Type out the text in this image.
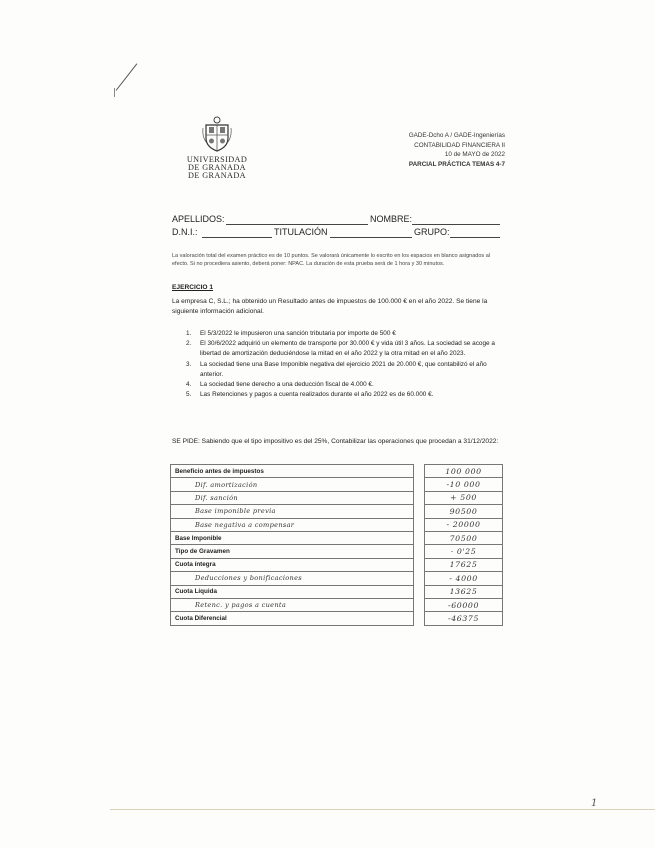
UNIVERSIDAD
DE GRANADA
DE GRANADA
GADE-Dcho A / GADE-Ingenierías
CONTABILIDAD FINANCIERA II
10 de MAYO de 2022
PARCIAL PRÁCTICA TEMAS 4-7
APELLIDOS:	NOMBRE:
D.N.I.:	TITULACIÓN	GRUPO:
La valoración total del examen práctico es de 10 puntos. Se valorará únicamente lo escrito en los espacios en blanco asignados al efecto. Si no procediera asiento, deberá poner: NPAC. La duración de esta prueba será de 1 hora y 30 minutos.
EJERCICIO 1
La empresa C, S.L.; ha obtenido un Resultado antes de impuestos de 100.000 € en el año 2022. Se tiene la siguiente información adicional.
1. El 5/3/2022 le impusieron una sanción tributaria por importe de 500 €
2. El 30/6/2022 adquirió un elemento de transporte por 30.000 € y vida útil 3 años. La sociedad se acoge a libertad de amortización deduciéndose la mitad en el año 2022 y la otra mitad en el año 2023.
3. La sociedad tiene una Base Imponible negativa del ejercicio 2021 de 20.000 €, que contabilizó el año anterior.
4. La sociedad tiene derecho a una deducción fiscal de 4.000 €.
5. Las Retenciones y pagos a cuenta realizados durante el año 2022 es de 60.000 €.
SE PIDE: Sabiendo que el tipo impositivo es del 25%, Contabilizar las operaciones que procedan a 31/12/2022:
Beneficio antes de impuestos		100 000
Dif. amortización		-10 000
Dif. sanción		+ 500
Base imponible previa		90500
Base negativa a compensar		- 20000
Base Imponible		70500
Tipo de Gravamen		· 0'25
Cuota íntegra		17625
Deducciones y bonificaciones		- 4000
Cuota Líquida		13625
Retenc. y pagos a cuenta		-60000
Cuota Diferencial		-46375
1
